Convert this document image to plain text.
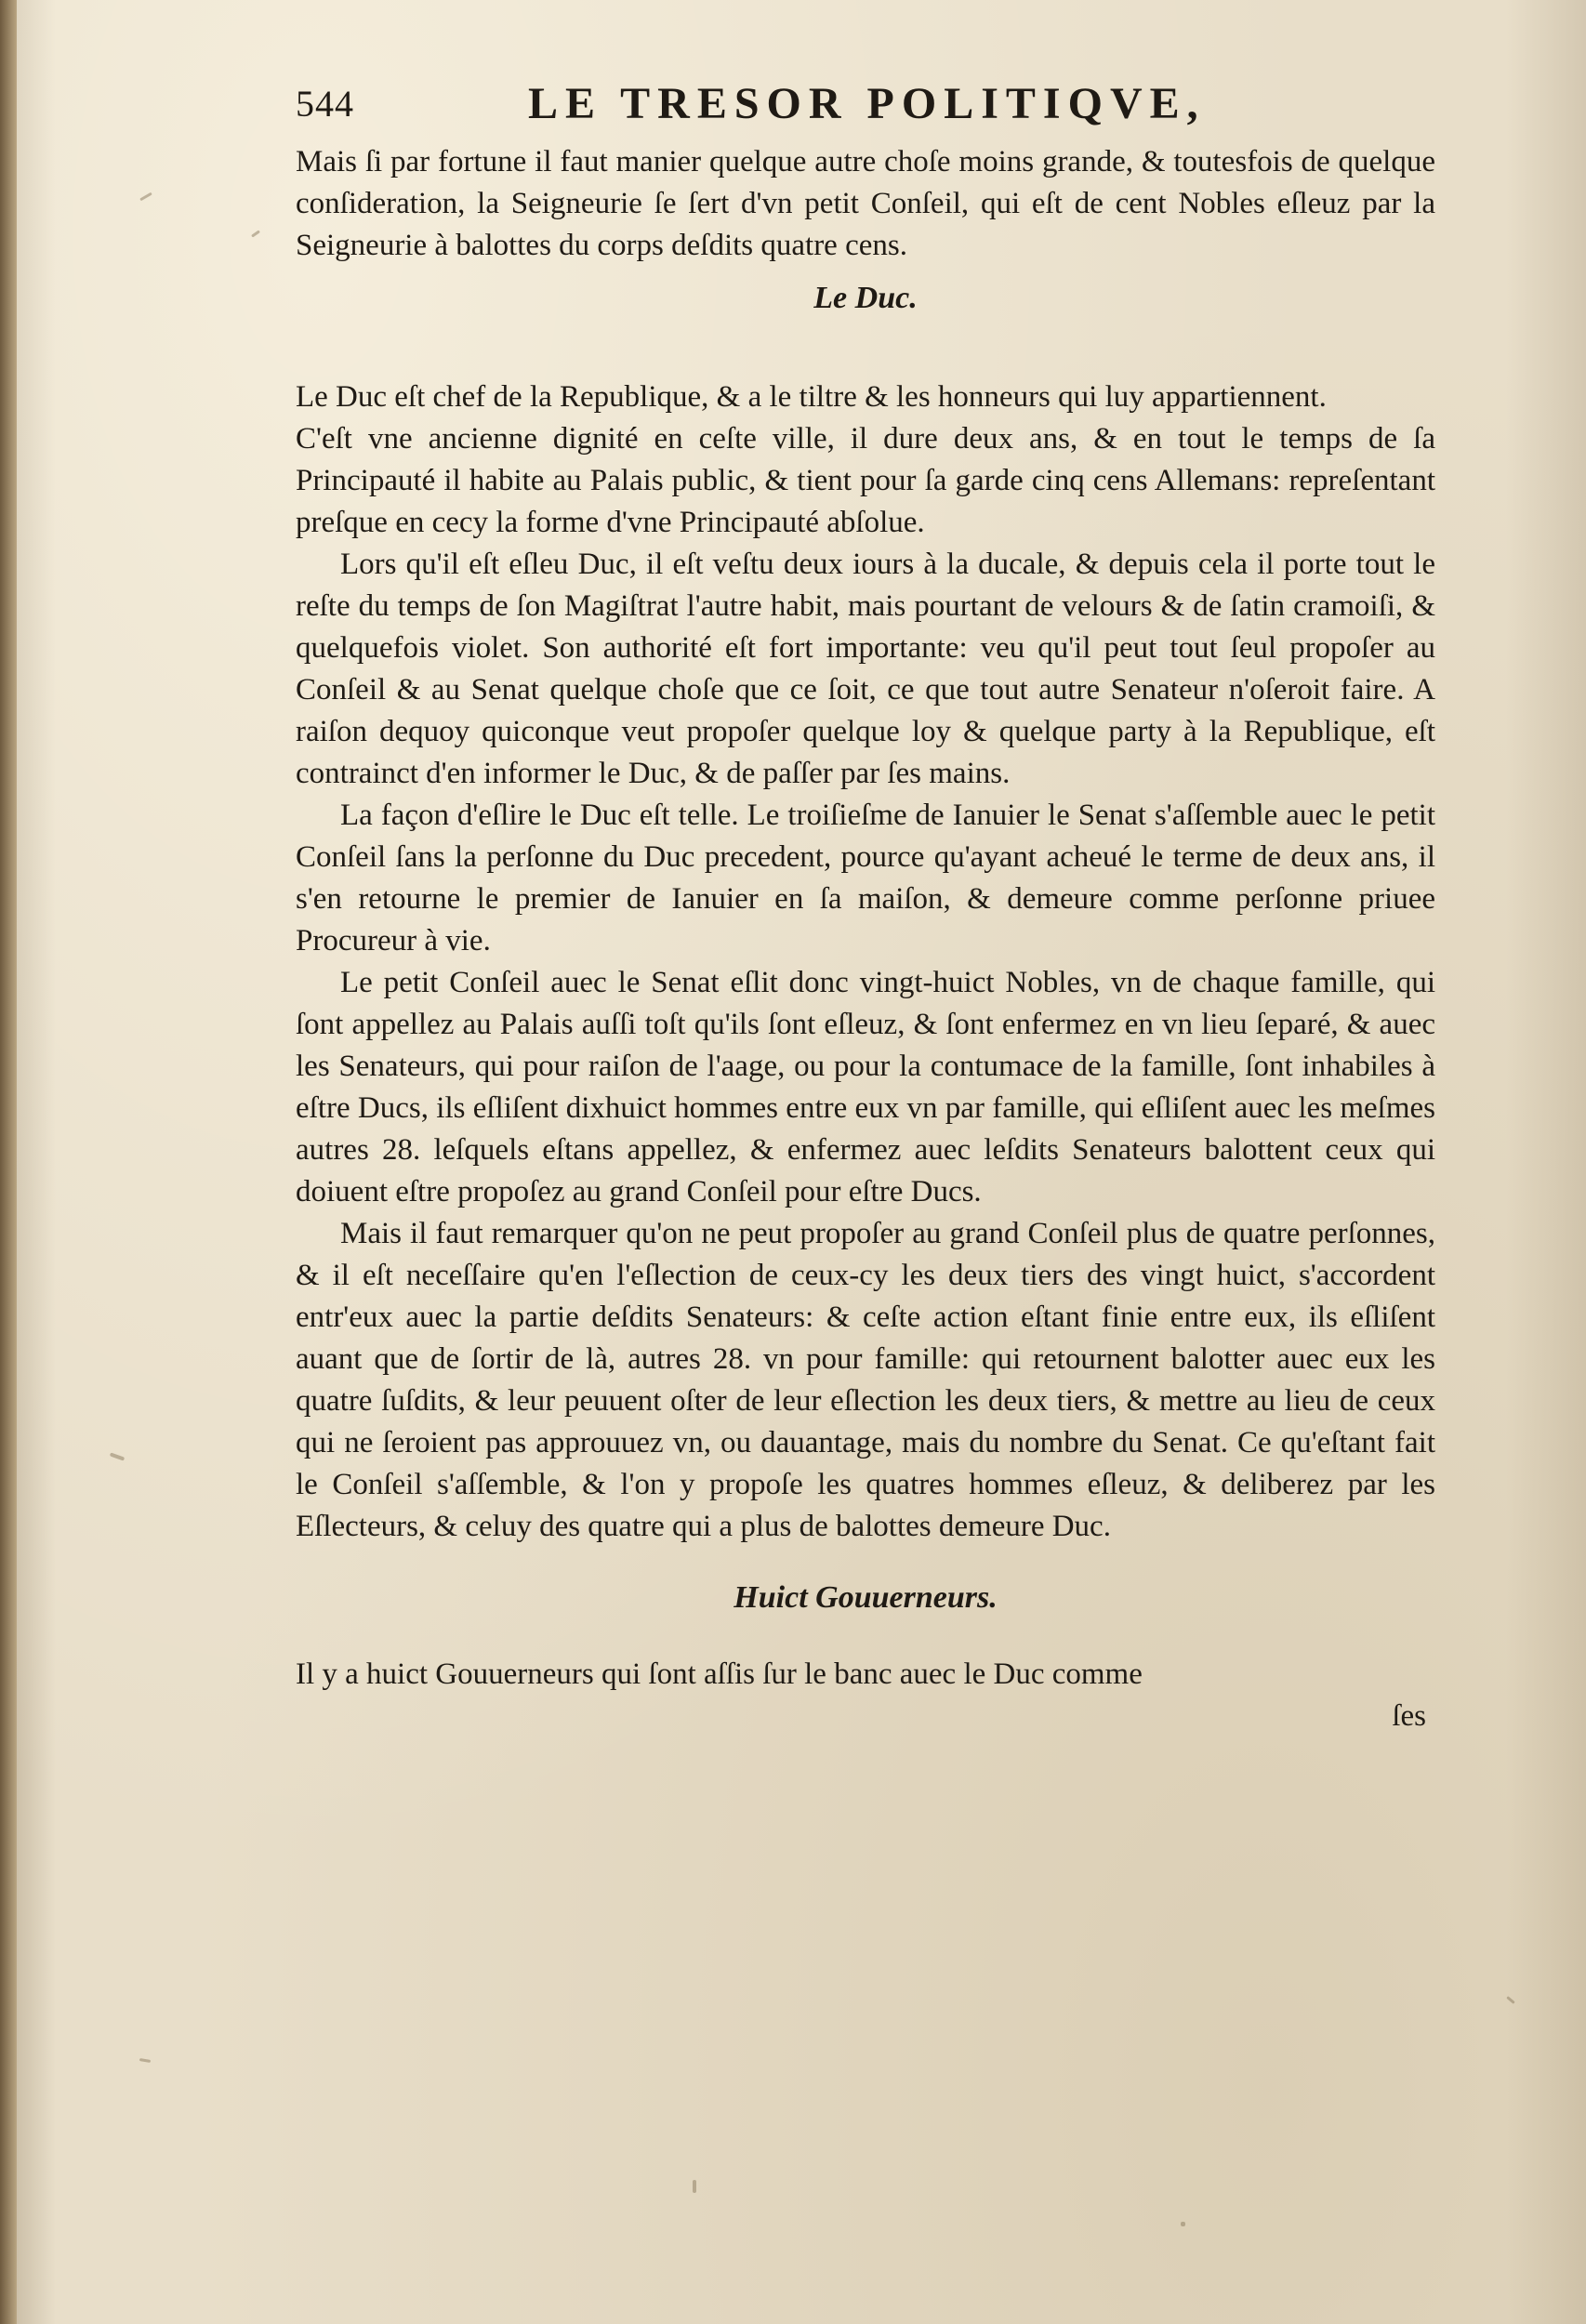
544	LE TRESOR POLITIQVE,

Mais ſi par fortune il faut manier quelque autre choſe moins grande, & toutesfois de quelque conſideration, la Seigneurie ſe ſert d'vn petit Conſeil, qui eſt de cent Nobles eſleuz par la Seigneurie à balottes du corps deſdits quatre cens.

Le Duc.

Le Duc eſt chef de la Republique, & a le tiltre & les honneurs qui luy appartiennent.

C'eſt vne ancienne dignité en ceſte ville, il dure deux ans, & en tout le temps de ſa Principauté il habite au Palais public, & tient pour ſa garde cinq cens Allemans: repreſentant preſque en cecy la forme d'vne Principauté abſolue.

Lors qu'il eſt eſleu Duc, il eſt veſtu deux iours à la ducale, & depuis cela il porte tout le reſte du temps de ſon Magiſtrat l'autre habit, mais pourtant de velours & de ſatin cramoiſi, & quelquefois violet. Son authorité eſt fort importante: veu qu'il peut tout ſeul propoſer au Conſeil & au Senat quelque choſe que ce ſoit, ce que tout autre Senateur n'oſeroit faire. A raiſon dequoy quiconque veut propoſer quelque loy & quelque party à la Republique, eſt contrainct d'en informer le Duc, & de paſſer par ſes mains.

La façon d'eſlire le Duc eſt telle. Le troiſieſme de Ianuier le Senat s'aſſemble auec le petit Conſeil ſans la perſonne du Duc precedent, pource qu'ayant acheué le terme de deux ans, il s'en retourne le premier de Ianuier en ſa maiſon, & demeure comme perſonne priuee Procureur à vie.

Le petit Conſeil auec le Senat eſlit donc vingt-huict Nobles, vn de chaque famille, qui ſont appellez au Palais auſſi toſt qu'ils ſont eſleuz, & ſont enfermez en vn lieu ſeparé, & auec les Senateurs, qui pour raiſon de l'aage, ou pour la contumace de la famille, ſont inhabiles à eſtre Ducs, ils eſliſent dixhuict hommes entre eux vn par famille, qui eſliſent auec les meſmes autres 28. leſquels eſtans appellez, & enfermez auec leſdits Senateurs balottent ceux qui doiuent eſtre propoſez au grand Conſeil pour eſtre Ducs.

Mais il faut remarquer qu'on ne peut propoſer au grand Conſeil plus de quatre perſonnes, & il eſt neceſſaire qu'en l'eſlection de ceux-cy les deux tiers des vingt huict, s'accordent entr'eux auec la partie deſdits Senateurs: & ceſte action eſtant finie entre eux, ils eſliſent auant que de ſortir de là, autres 28. vn pour famille: qui retournent balotter auec eux les quatre ſuſdits, & leur peuuent oſter de leur eſlection les deux tiers, & mettre au lieu de ceux qui ne ſeroient pas approuuez vn, ou dauantage, mais du nombre du Senat. Ce qu'eſtant fait le Conſeil s'aſſemble, & l'on y propoſe les quatres hommes eſleuz, & deliberez par les Eſlecteurs, & celuy des quatre qui a plus de balottes demeure Duc.

Huict Gouuerneurs.

Il y a huict Gouuerneurs qui ſont aſſis ſur le banc auec le Duc comme

ſes
